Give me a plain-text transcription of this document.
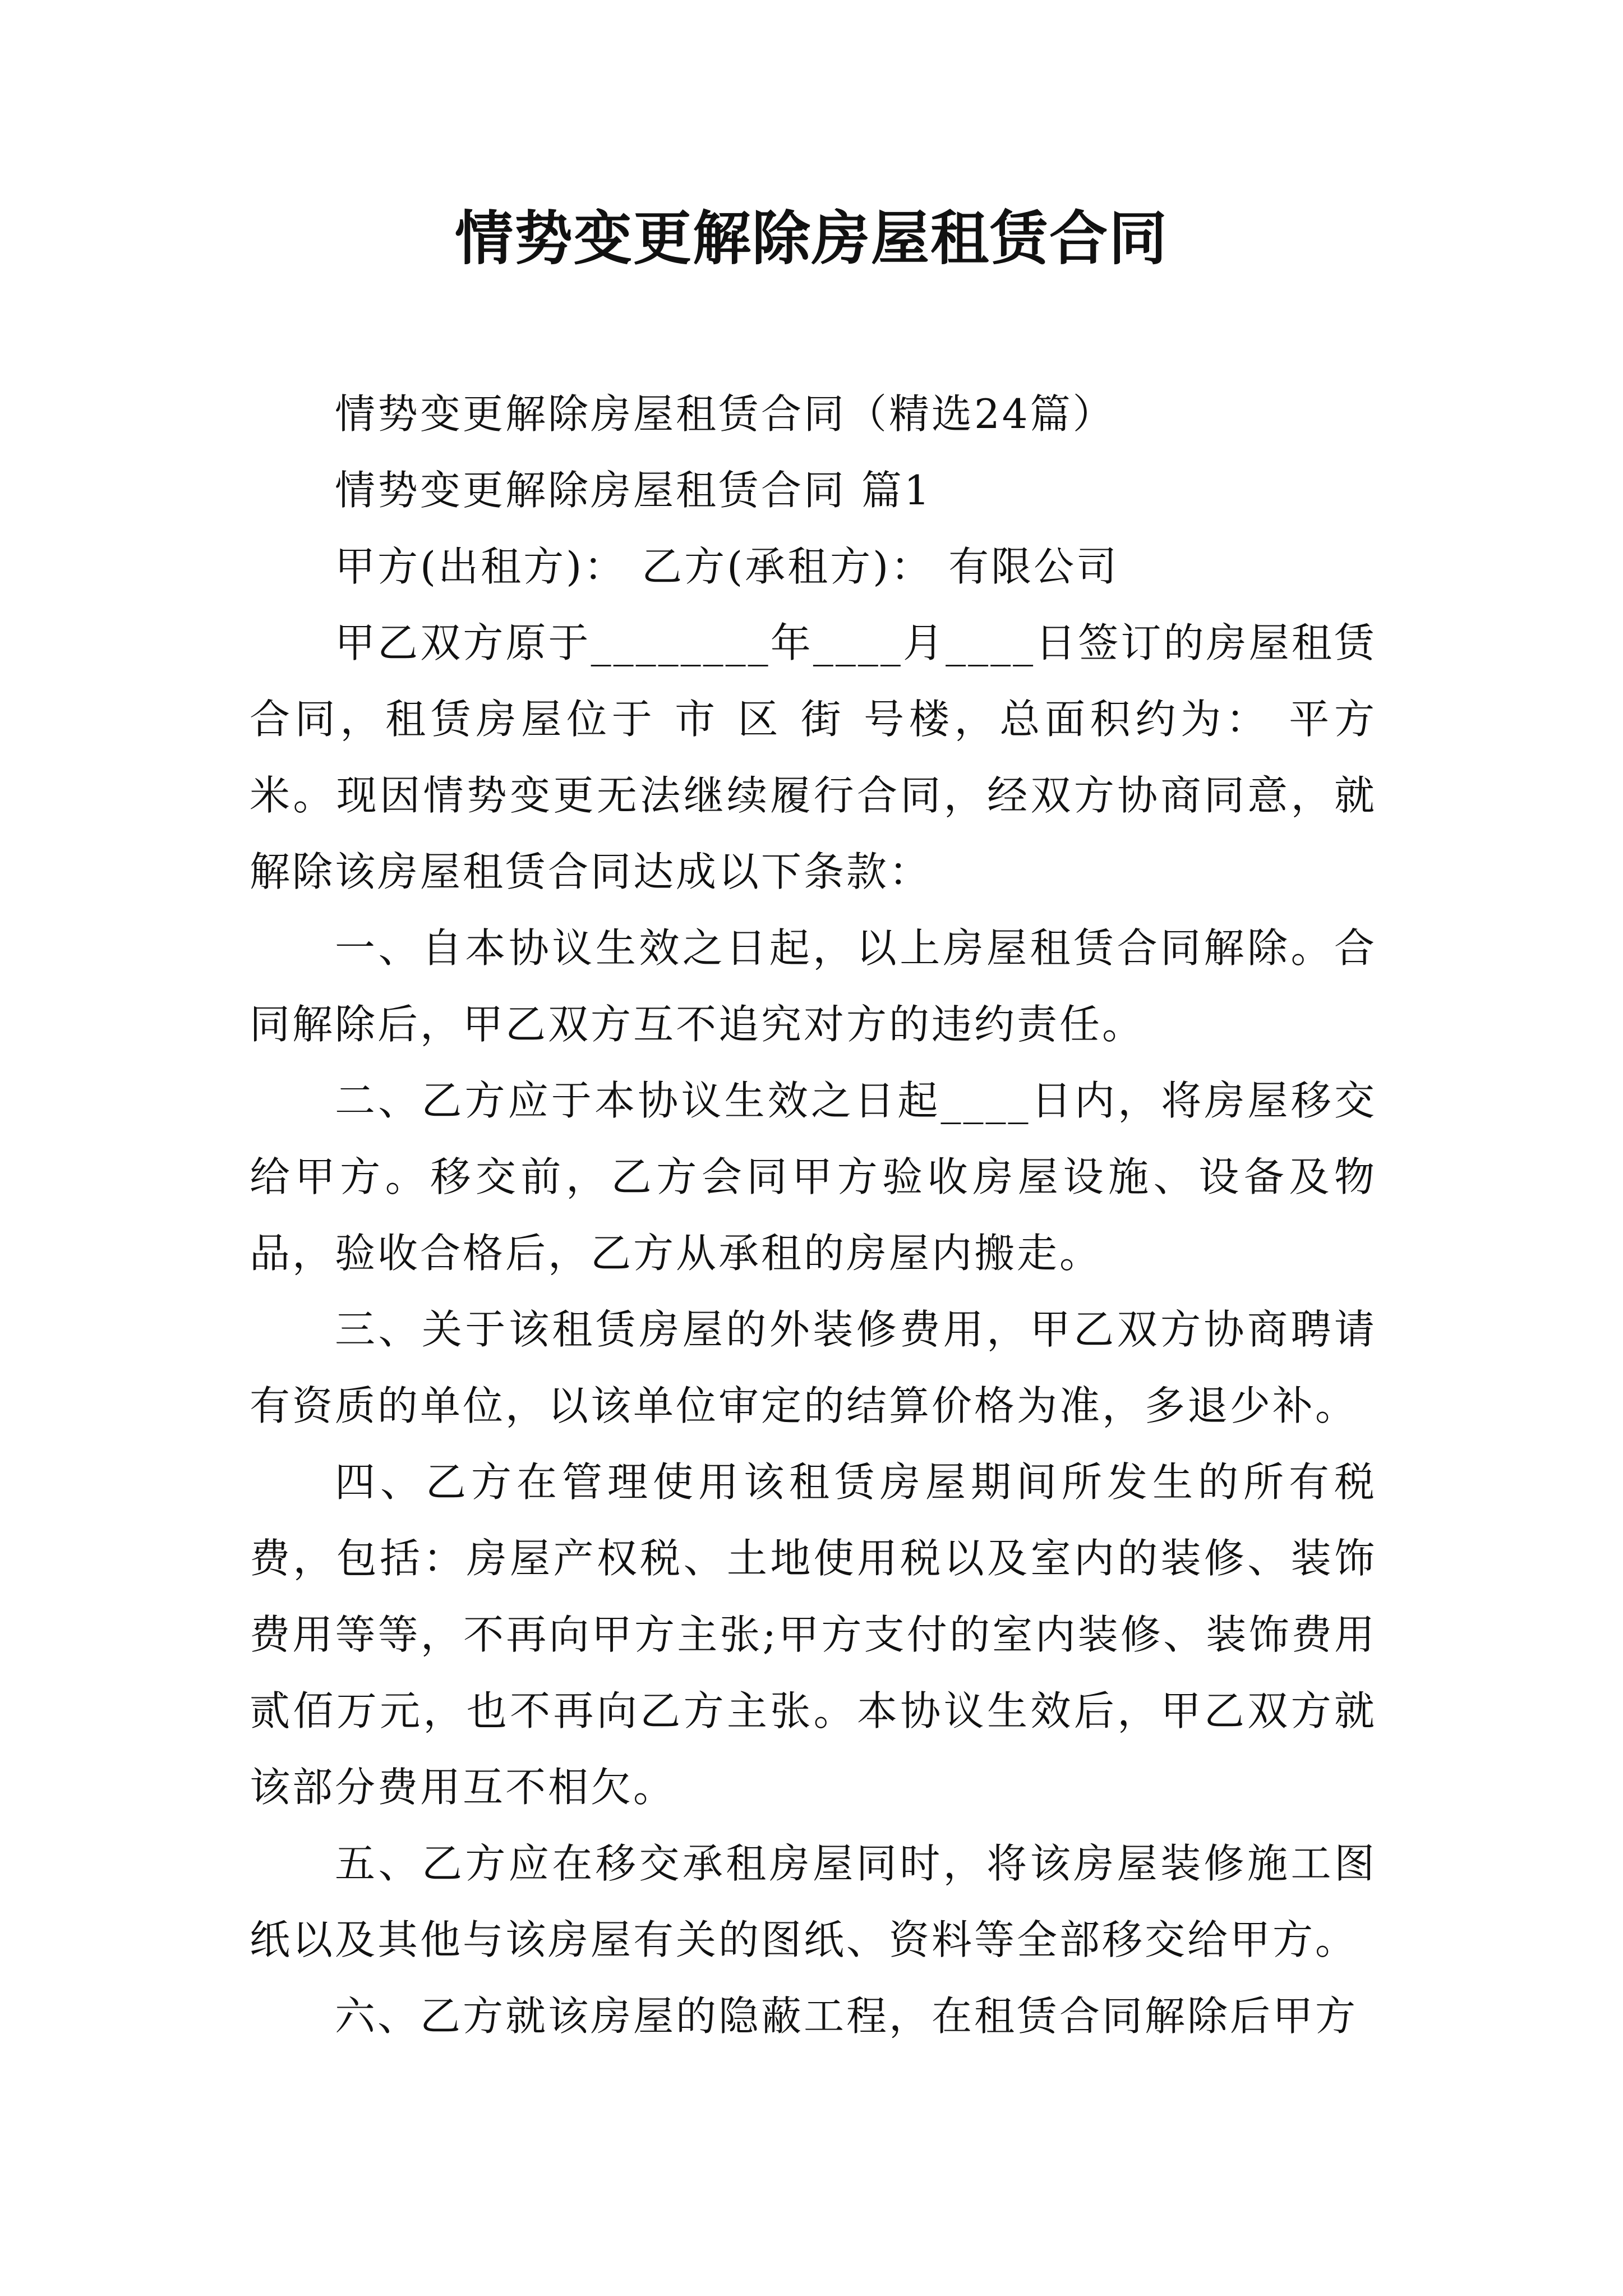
情势变更解除房屋租赁合同

情势变更解除房屋租赁合同（精选24篇）

情势变更解除房屋租赁合同 篇1

甲方(出租方)： 乙方(承租方)： 有限公司

甲乙双方原于________年____月____日签订的房屋租赁合同，租赁房屋位于 市 区 街 号楼，总面积约为： 平方米。现因情势变更无法继续履行合同，经双方协商同意，就解除该房屋租赁合同达成以下条款：

一、自本协议生效之日起，以上房屋租赁合同解除。合同解除后，甲乙双方互不追究对方的违约责任。

二、乙方应于本协议生效之日起____日内，将房屋移交给甲方。移交前，乙方会同甲方验收房屋设施、设备及物品，验收合格后，乙方从承租的房屋内搬走。

三、关于该租赁房屋的外装修费用，甲乙双方协商聘请有资质的单位，以该单位审定的结算价格为准，多退少补。

四、乙方在管理使用该租赁房屋期间所发生的所有税费，包括：房屋产权税、土地使用税以及室内的装修、装饰费用等等，不再向甲方主张;甲方支付的室内装修、装饰费用贰佰万元，也不再向乙方主张。本协议生效后，甲乙双方就该部分费用互不相欠。

五、乙方应在移交承租房屋同时，将该房屋装修施工图纸以及其他与该房屋有关的图纸、资料等全部移交给甲方。

六、乙方就该房屋的隐蔽工程，在租赁合同解除后甲方
